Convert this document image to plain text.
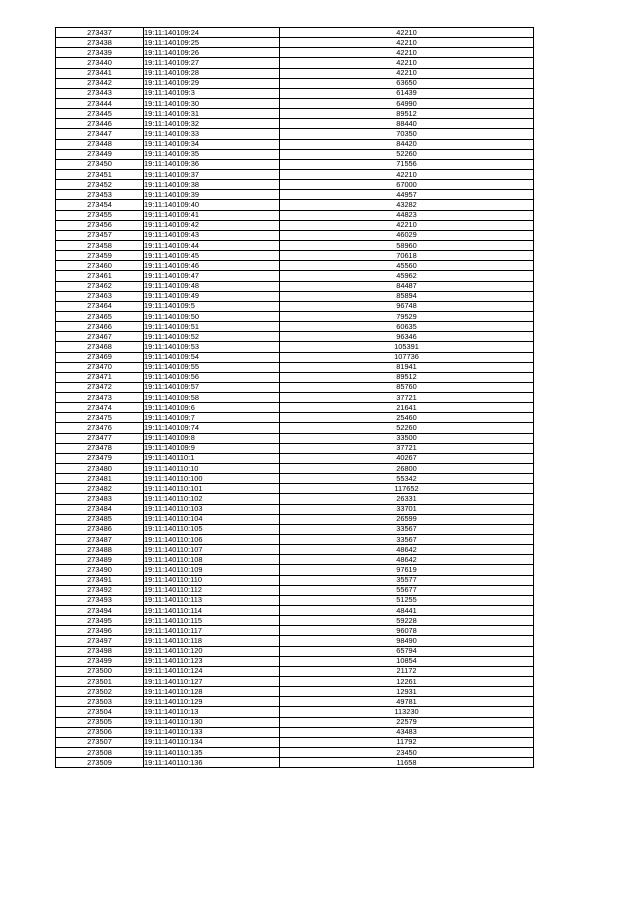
273437	19:11:140109:24	42210
273438	19:11:140109:25	42210
273439	19:11:140109:26	42210
273440	19:11:140109:27	42210
273441	19:11:140109:28	42210
273442	19:11:140109:29	63650
273443	19:11:140109:3	61439
273444	19:11:140109:30	64990
273445	19:11:140109:31	89512
273446	19:11:140109:32	88440
273447	19:11:140109:33	70350
273448	19:11:140109:34	84420
273449	19:11:140109:35	52260
273450	19:11:140109:36	71556
273451	19:11:140109:37	42210
273452	19:11:140109:38	67000
273453	19:11:140109:39	44957
273454	19:11:140109:40	43282
273455	19:11:140109:41	44823
273456	19:11:140109:42	42210
273457	19:11:140109:43	46029
273458	19:11:140109:44	58960
273459	19:11:140109:45	70618
273460	19:11:140109:46	45560
273461	19:11:140109:47	45962
273462	19:11:140109:48	84487
273463	19:11:140109:49	85894
273464	19:11:140109:5	96748
273465	19:11:140109:50	79529
273466	19:11:140109:51	60635
273467	19:11:140109:52	96346
273468	19:11:140109:53	105391
273469	19:11:140109:54	107736
273470	19:11:140109:55	81941
273471	19:11:140109:56	89512
273472	19:11:140109:57	85760
273473	19:11:140109:58	37721
273474	19:11:140109:6	21641
273475	19:11:140109:7	25460
273476	19:11:140109:74	52260
273477	19:11:140109:8	33500
273478	19:11:140109:9	37721
273479	19:11:140110:1	40267
273480	19:11:140110:10	26800
273481	19:11:140110:100	55342
273482	19:11:140110:101	117652
273483	19:11:140110:102	26331
273484	19:11:140110:103	33701
273485	19:11:140110:104	26599
273486	19:11:140110:105	33567
273487	19:11:140110:106	33567
273488	19:11:140110:107	48642
273489	19:11:140110:108	48642
273490	19:11:140110:109	97619
273491	19:11:140110:110	35577
273492	19:11:140110:112	55677
273493	19:11:140110:113	51255
273494	19:11:140110:114	48441
273495	19:11:140110:115	59228
273496	19:11:140110:117	96078
273497	19:11:140110:118	98490
273498	19:11:140110:120	65794
273499	19:11:140110:123	10854
273500	19:11:140110:124	21172
273501	19:11:140110:127	12261
273502	19:11:140110:128	12931
273503	19:11:140110:129	49781
273504	19:11:140110:13	113230
273505	19:11:140110:130	22579
273506	19:11:140110:133	43483
273507	19:11:140110:134	11792
273508	19:11:140110:135	23450
273509	19:11:140110:136	11658
